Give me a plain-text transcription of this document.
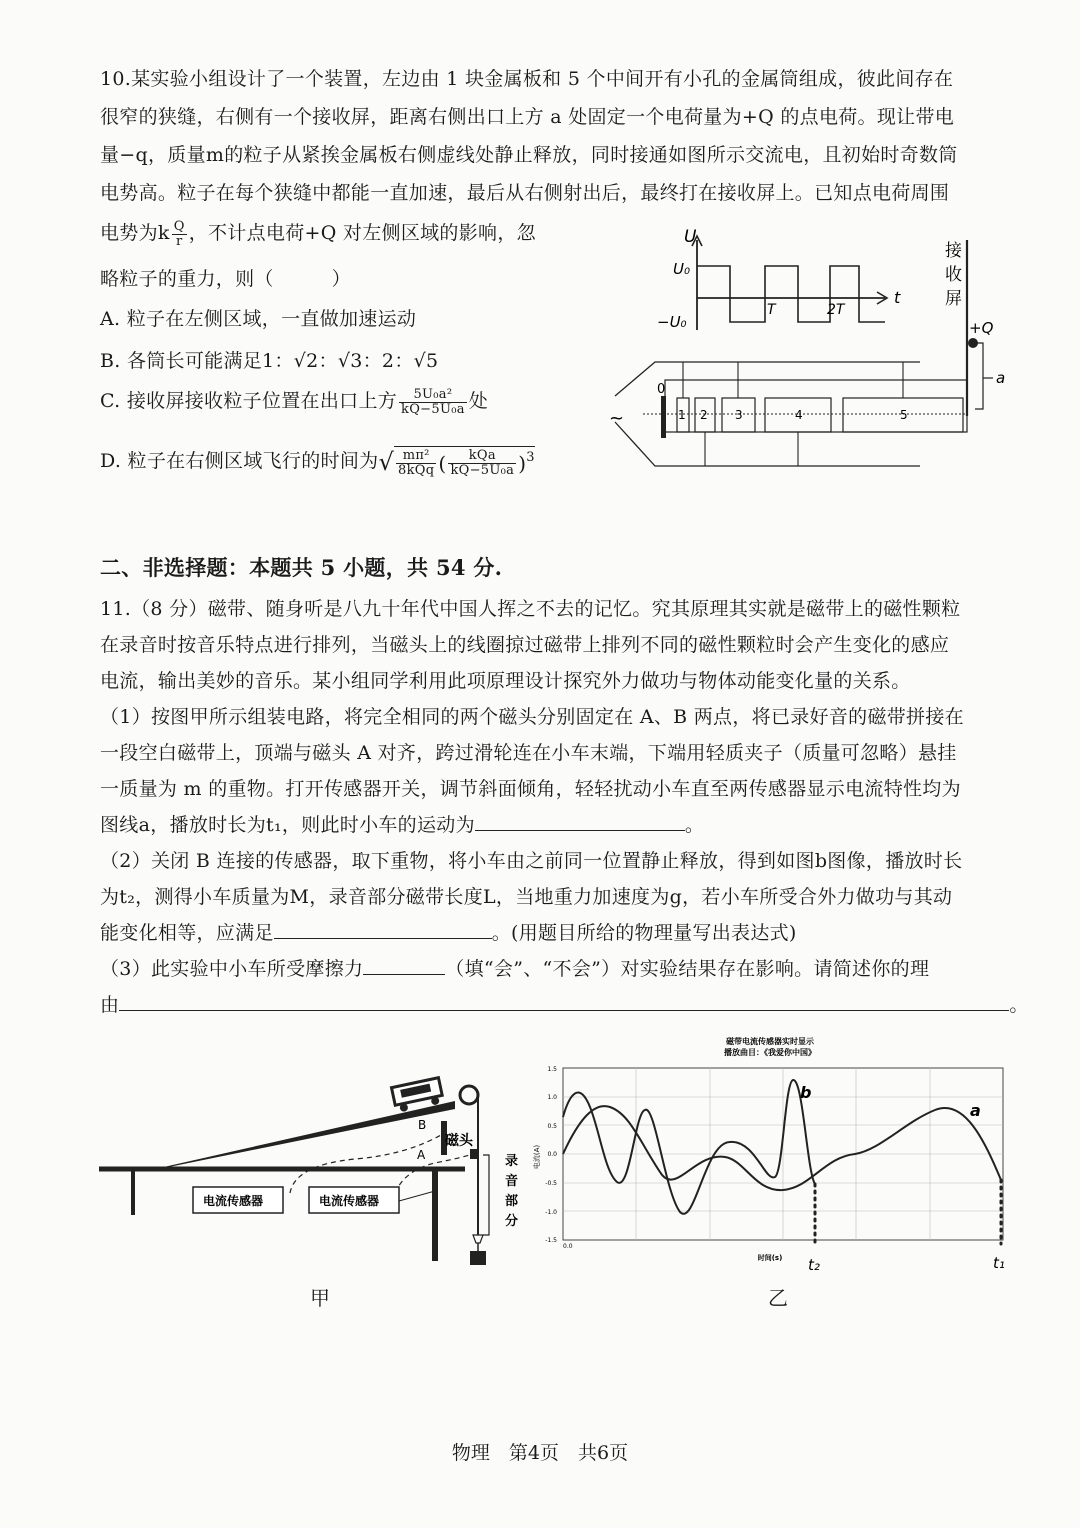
10.某实验小组设计了一个装置，左边由 1 块金属板和 5 个中间开有小孔的金属筒组成，彼此间存在
很窄的狭缝，右侧有一个接收屏，距离右侧出口上方 a 处固定一个电荷量为+Q 的点电荷。现让带电
量−q，质量m的粒子从紧挨金属板右侧虚线处静止释放，同时接通如图所示交流电，且初始时奇数筒
电势高。粒子在每个狭缝中都能一直加速，最后从右侧射出后，最终打在接收屏上。已知点电荷周围
电势为k $\frac{Q}{r}$ ，不计点电荷+Q 对左侧区域的影响，忽
略粒子的重力，则（　　　）
A. 粒子在左侧区域，一直做加速运动
B. 各筒长可能满足1：√2：√3：2：√5
C. 接收屏接收粒子位置在出口上方 $\frac{\text{5U₀a²}}{\text{kQ−5U₀a}}$ 处
D. 粒子在右侧区域飞行的时间为√ $\frac{\text{mπ²}}{\text{8kQq}}$ ( $\frac{\text{kQa}}{\text{kQ−5U₀a}} )^3$
U
t
U₀
−U₀
T	2T
接
收
屏
+Q
a
~
0
1 2 3	4	5
二、非选择题：本题共 5 小题，共 54 分.
11.（8 分）磁带、随身听是八九十年代中国人挥之不去的记忆。究其原理其实就是磁带上的磁性颗粒
在录音时按音乐特点进行排列，当磁头上的线圈掠过磁带上排列不同的磁性颗粒时会产生变化的感应
电流，输出美妙的音乐。某小组同学利用此项原理设计探究外力做功与物体动能变化量的关系。
（1）按图甲所示组装电路，将完全相同的两个磁头分别固定在 A、B 两点，将已录好音的磁带拼接在
一段空白磁带上，顶端与磁头 A 对齐，跨过滑轮连在小车末端，下端用轻质夹子（质量可忽略）悬挂
一质量为 m 的重物。打开传感器开关，调节斜面倾角，轻轻扰动小车直至两传感器显示电流特性均为
图线a，播放时长为t₁，则此时小车的运动为	。
（2）关闭 B 连接的传感器，取下重物，将小车由之前同一位置静止释放，得到如图b图像，播放时长
为t₂，测得小车质量为M，录音部分磁带长度L，当地重力加速度为g，若小车所受合外力做功与其动
能变化相等，应满足	。(用题目所给的物理量写出表达式)
（3）此实验中小车所受摩擦力	（填“会”、“不会”）对实验结果存在影响。请简述你的理
由	。
B
A
磁头
电流传感器	电流传感器
录
音
部
分
甲
磁带电流传感器实时显示
播放曲目：《我爱你中国》
1.5
1.0
0.5
0.0
-0.5
-1.0
-1.5
0.0
电流(A)
时间(s)
b
a
t₂	t₁
乙
物理　第4页　共6页
